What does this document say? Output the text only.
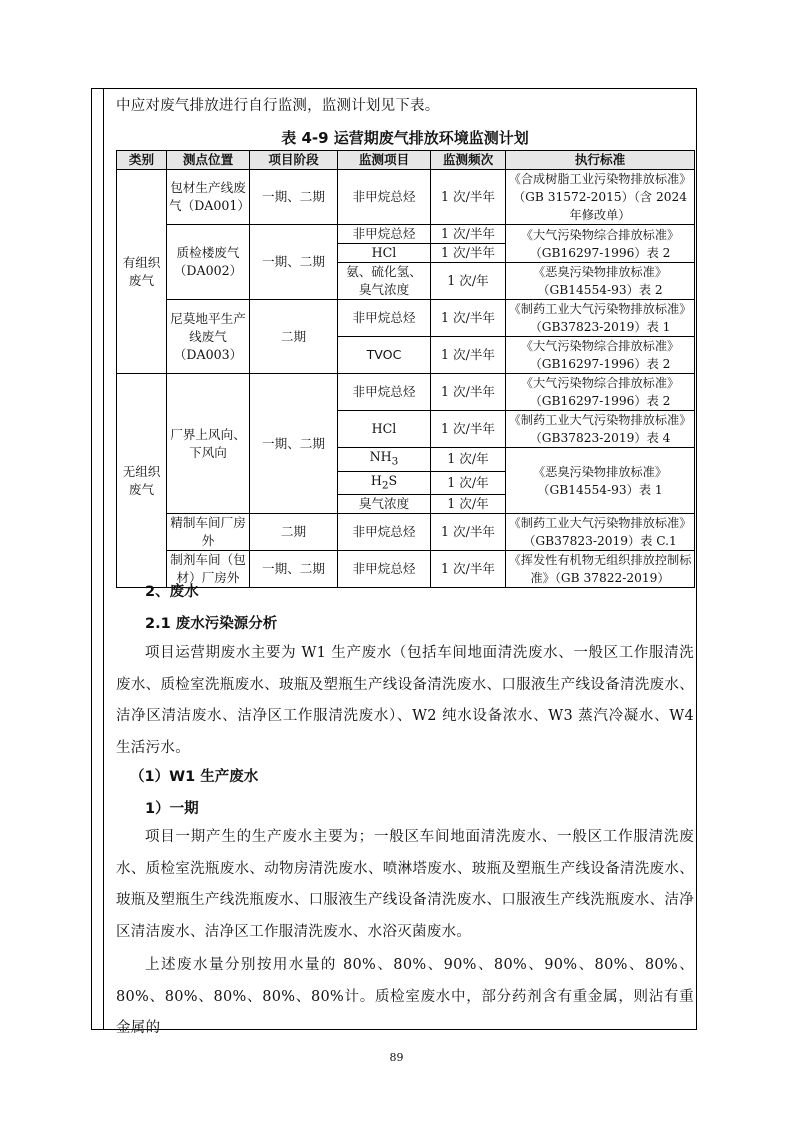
中应对废气排放进行自行监测，监测计划见下表。
表 4-9 运营期废气排放环境监测计划
类别	测点位置	项目阶段	监测项目	监测频次	执行标准
有组织废气	包材生产线废气（DA001）	一期、二期	非甲烷总烃	1 次/半年	《合成树脂工业污染物排放标准》（GB 31572-2015）（含 2024 年修改单）
	质检楼废气（DA002）	一期、二期	非甲烷总烃	1 次/半年	《大气污染物综合排放标准》（GB16297-1996）表 2
			HCl	1 次/半年	
			氨、硫化氢、臭气浓度	1 次/年	《恶臭污染物排放标准》（GB14554-93）表 2
	尼莫地平生产线废气（DA003）	二期	非甲烷总烃	1 次/半年	《制药工业大气污染物排放标准》（GB37823-2019）表 1
			TVOC	1 次/半年	《大气污染物综合排放标准》（GB16297-1996）表 2
无组织废气	厂界上风向、下风向	一期、二期	非甲烷总烃	1 次/半年	《大气污染物综合排放标准》（GB16297-1996）表 2
			HCl	1 次/半年	《制药工业大气污染物排放标准》（GB37823-2019）表 4
			$NH_3$	1 次/年	《恶臭污染物排放标准》（GB14554-93）表 1
			$H_2S$	1 次/年	
			臭气浓度	1 次/年	
	精制车间厂房外	二期	非甲烷总烃	1 次/半年	《制药工业大气污染物排放标准》（GB37823-2019）表 C.1
	制剂车间（包材）厂房外	一期、二期	非甲烷总烃	1 次/半年	《挥发性有机物无组织排放控制标准》（GB 37822-2019）
2、废水
2.1 废水污染源分析
项目运营期废水主要为 W1 生产废水（包括车间地面清洗废水、一般区工作服清洗废水、质检室洗瓶废水、玻瓶及塑瓶生产线设备清洗废水、口服液生产线设备清洗废水、洁净区清洁废水、洁净区工作服清洗废水）、W2 纯水设备浓水、W3 蒸汽冷凝水、W4 生活污水。
（1）W1 生产废水
1）一期
项目一期产生的生产废水主要为；一般区车间地面清洗废水、一般区工作服清洗废水、质检室洗瓶废水、动物房清洗废水、喷淋塔废水、玻瓶及塑瓶生产线设备清洗废水、玻瓶及塑瓶生产线洗瓶废水、口服液生产线设备清洗废水、口服液生产线洗瓶废水、洁净区清洁废水、洁净区工作服清洗废水、水浴灭菌废水。
上述废水量分别按用水量的 80%、80%、90%、80%、90%、80%、80%、80%、80%、80%、80%、80%计。质检室废水中，部分药剂含有重金属，则沾有重金属的
89
